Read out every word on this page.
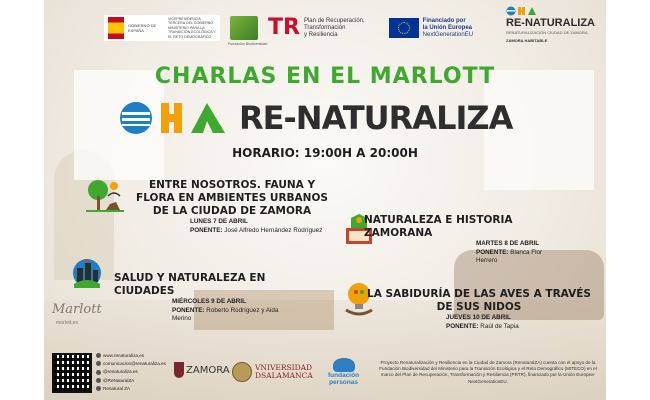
GOBIERNO DE ESPAÑA
VICEPRESIDENCIA TERCERA DEL GOBIERNO MINISTERIO PARA LA TRANSICIÓN ECOLÓGICA Y EL RETO DEMOGRÁFICO
Fundación Biodiversidad
TR Plan de Recuperación,
Transformación
y Resiliencia
Financiado por
la Unión Europea
NextGenerationEU
RE-NATURALIZA
RENATURALIZACIÓN CIUDAD DE ZAMORA
ZAMORA HABITABLE
CHARLAS EN EL MARLOTT
RE-NATURALIZA
HORARIO: 19:00H A 20:00H
ENTRE NOSOTROS. FAUNA Y FLORA EN AMBIENTES URBANOS DE LA CIUDAD DE ZAMORA
LUNES 7 DE ABRIL
PONENTE: José Alfredo Hernández Rodríguez
NATURALEZA E HISTORIA ZAMORANA
MARTES 8 DE ABRIL
PONENTE: Blanca Flor Herrero
SALUD Y NATURALEZA EN CIUDADES
MIÉRCOLES 9 DE ABRIL
PONENTE: Roberto Rodríguez y Aida Merino
LA SABIDURÍA DE LAS AVES A TRAVÉS DE SUS NIDOS
JUEVES 10 DE ABRIL
PONENTE: Raúl de Tapia
Marlott
marlott.es
www.renaturaliza.es
comunicacion@renaturaliza.es
@renaturaliza.es
@ReNaturalZA
Renatural ZA
ZAMORA	VNIVERSIDAD
DSALAMANCA fundación
personas
Proyecto Renaturalización y Resiliencia en la Ciudad de Zamora (RenaturalZA) cuenta con el apoyo de la Fundación Biodiversidad del Ministerio para la Transición Ecológica y el Reto Demográfico (MITECO) en el marco del Plan de Recuperación, Transformación y Resiliencia (PRTR), financiado por la Unión Europea-NextGenerationEU.
